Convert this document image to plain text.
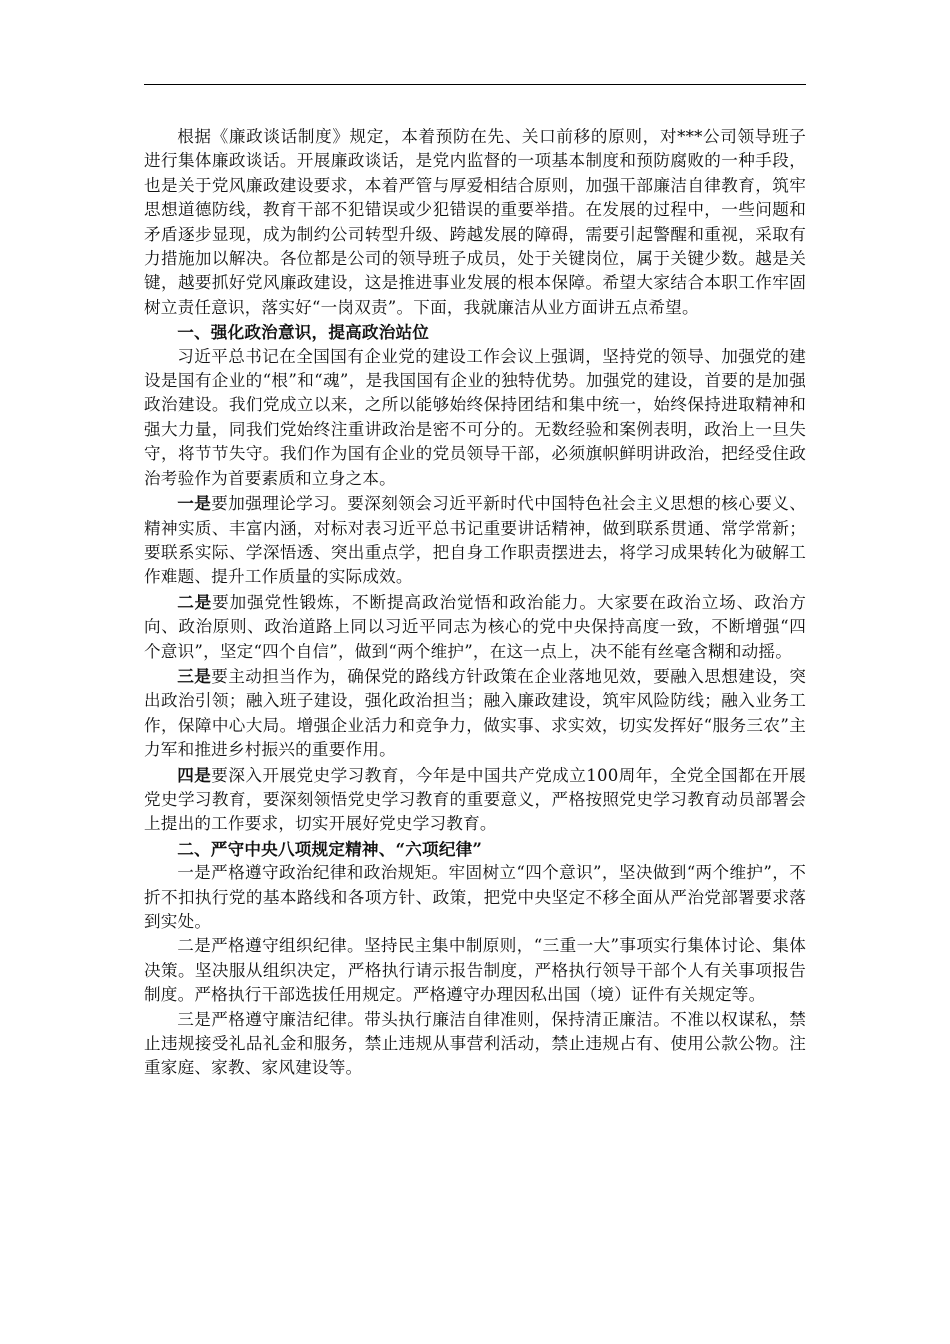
根据《廉政谈话制度》规定，本着预防在先、关口前移的原则，对***公司领导班子进行集体廉政谈话。开展廉政谈话，是党内监督的一项基本制度和预防腐败的一种手段，也是关于党风廉政建设要求，本着严管与厚爱相结合原则，加强干部廉洁自律教育，筑牢思想道德防线，教育干部不犯错误或少犯错误的重要举措。在发展的过程中，一些问题和矛盾逐步显现，成为制约公司转型升级、跨越发展的障碍，需要引起警醒和重视，采取有力措施加以解决。各位都是公司的领导班子成员，处于关键岗位，属于关键少数。越是关键，越要抓好党风廉政建设，这是推进事业发展的根本保障。希望大家结合本职工作牢固树立责任意识，落实好“一岗双责”。下面，我就廉洁从业方面讲五点希望。

一、强化政治意识，提高政治站位

习近平总书记在全国国有企业党的建设工作会议上强调，坚持党的领导、加强党的建设是国有企业的“根”和“魂”，是我国国有企业的独特优势。加强党的建设，首要的是加强政治建设。我们党成立以来，之所以能够始终保持团结和集中统一，始终保持进取精神和强大力量，同我们党始终注重讲政治是密不可分的。无数经验和案例表明，政治上一旦失守，将节节失守。我们作为国有企业的党员领导干部，必须旗帜鲜明讲政治，把经受住政治考验作为首要素质和立身之本。

一是要加强理论学习。要深刻领会习近平新时代中国特色社会主义思想的核心要义、精神实质、丰富内涵，对标对表习近平总书记重要讲话精神，做到联系贯通、常学常新；要联系实际、学深悟透、突出重点学，把自身工作职责摆进去，将学习成果转化为破解工作难题、提升工作质量的实际成效。

二是要加强党性锻炼，不断提高政治觉悟和政治能力。大家要在政治立场、政治方向、政治原则、政治道路上同以习近平同志为核心的党中央保持高度一致，不断增强“四个意识”，坚定“四个自信”，做到“两个维护”，在这一点上，决不能有丝毫含糊和动摇。

三是要主动担当作为，确保党的路线方针政策在企业落地见效，要融入思想建设，突出政治引领；融入班子建设，强化政治担当；融入廉政建设，筑牢风险防线；融入业务工作，保障中心大局。增强企业活力和竞争力，做实事、求实效，切实发挥好“服务三农”主力军和推进乡村振兴的重要作用。

四是要深入开展党史学习教育，今年是中国共产党成立100周年，全党全国都在开展党史学习教育，要深刻领悟党史学习教育的重要意义，严格按照党史学习教育动员部署会上提出的工作要求，切实开展好党史学习教育。

二、严守中央八项规定精神、“六项纪律”

一是严格遵守政治纪律和政治规矩。牢固树立“四个意识”，坚决做到“两个维护”，不折不扣执行党的基本路线和各项方针、政策，把党中央坚定不移全面从严治党部署要求落到实处。

二是严格遵守组织纪律。坚持民主集中制原则，“三重一大”事项实行集体讨论、集体决策。坚决服从组织决定，严格执行请示报告制度，严格执行领导干部个人有关事项报告制度。严格执行干部选拔任用规定。严格遵守办理因私出国（境）证件有关规定等。

三是严格遵守廉洁纪律。带头执行廉洁自律准则，保持清正廉洁。不准以权谋私，禁止违规接受礼品礼金和服务，禁止违规从事营利活动，禁止违规占有、使用公款公物。注重家庭、家教、家风建设等。
